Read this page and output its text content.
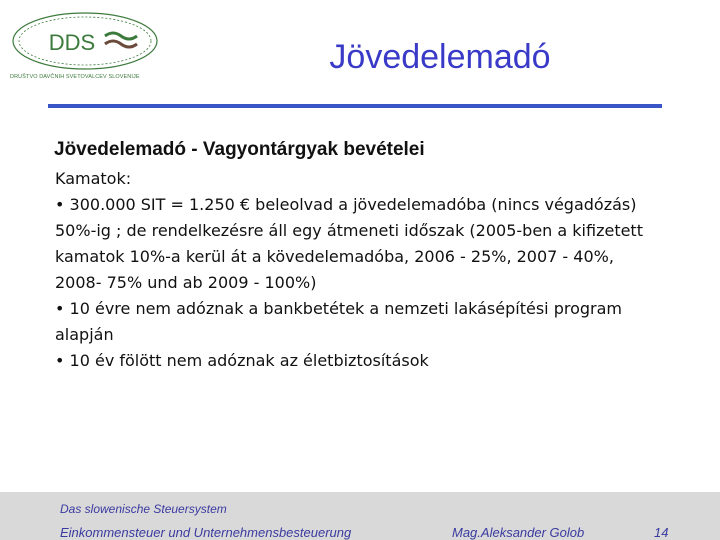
DDS
DRUŠTVO DAVČNIH SVETOVALCEV SLOVENIJE
Jövedelemadó
Jövedelemadó - Vagyontárgyak bevételei

Kamatok:

• 300.000 SIT = 1.250 € beleolvad a jövedelemadóba (nincs végadózás) 50%-ig ; de rendelkezésre áll egy átmeneti időszak (2005-ben a kifizetett kamatok 10%-a kerül át a kövedelemadóba, 2006 - 25%, 2007 - 40%, 2008- 75% und ab 2009 - 100%)

• 10 évre nem adóznak a bankbetétek a nemzeti lakásépítési program alapján

• 10 év fölött nem adóznak az életbiztosítások

Das slowenische Steuersystem
Einkommensteuer und Unternehmensbesteuerung	Mag.Aleksander Golob	14
